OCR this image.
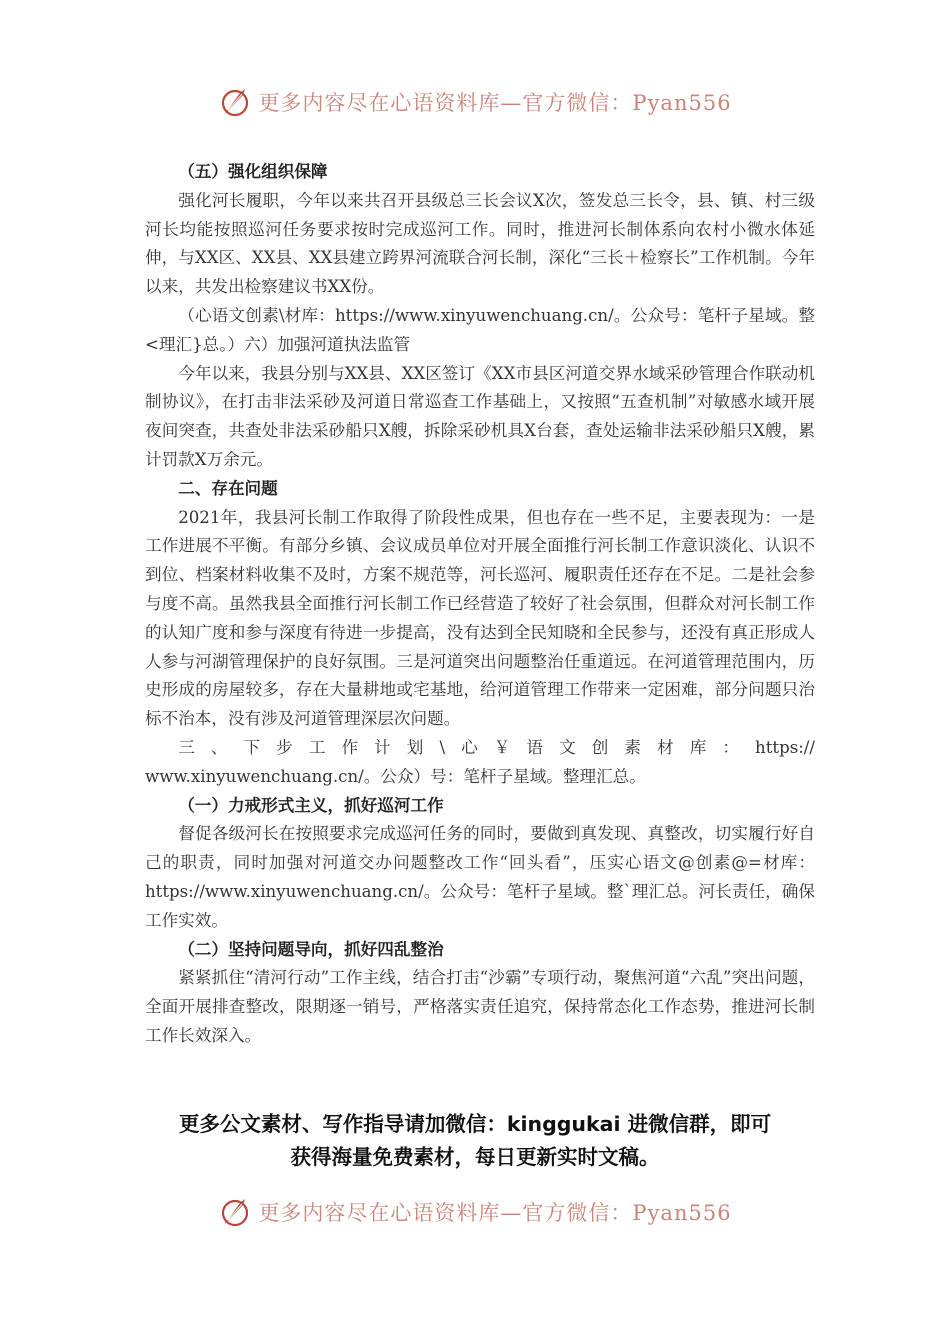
更多内容尽在心语资料库—官方微信：Pyan556

（五）强化组织保障

强化河长履职，今年以来共召开县级总三长会议X次，签发总三长令，县、镇、村三级河长均能按照巡河任务要求按时完成巡河工作。同时，推进河长制体系向农村小微水体延伸，与XX区、XX县、XX县建立跨界河流联合河长制，深化“三长＋检察长”工作机制。今年以来，共发出检察建议书XX份。

（心语文创素\材库：https://www.xinyuwenchuang.cn/。公众号：笔杆子星域。整<理汇}总。）六）加强河道执法监管

今年以来，我县分别与XX县、XX区签订《XX市县区河道交界水域采砂管理合作联动机制协议》，在打击非法采砂及河道日常巡查工作基础上，又按照“五查机制”对敏感水域开展夜间突查，共查处非法采砂船只X艘，拆除采砂机具X台套，查处运输非法采砂船只X艘，累计罚款X万余元。

二、存在问题

2021年，我县河长制工作取得了阶段性成果，但也存在一些不足，主要表现为：一是工作进展不平衡。有部分乡镇、会议成员单位对开展全面推行河长制工作意识淡化、认识不到位、档案材料收集不及时，方案不规范等，河长巡河、履职责任还存在不足。二是社会参与度不高。虽然我县全面推行河长制工作已经营造了较好了社会氛围，但群众对河长制工作的认知广度和参与深度有待进一步提高，没有达到全民知晓和全民参与，还没有真正形成人人参与河湖管理保护的良好氛围。三是河道突出问题整治任重道远。在河道管理范围内，历史形成的房屋较多，存在大量耕地或宅基地，给河道管理工作带来一定困难，部分问题只治标不治本，没有涉及河道管理深层次问题。

三、下步工作计划\心￥语文创素材库：https://

www.xinyuwenchuang.cn/。公众）号：笔杆子星域。整理汇总。

（一）力戒形式主义，抓好巡河工作

督促各级河长在按照要求完成巡河任务的同时，要做到真发现、真整改，切实履行好自己的职责，同时加强对河道交办问题整改工作“回头看”，压实心语文@创素@=材库：https://www.xinyuwenchuang.cn/。公众号：笔杆子星域。整`理汇总。河长责任，确保工作实效。

（二）坚持问题导向，抓好四乱整治

紧紧抓住“清河行动”工作主线，结合打击“沙霸”专项行动，聚焦河道“六乱”突出问题，全面开展排查整改，限期逐一销号，严格落实责任追究，保持常态化工作态势，推进河长制工作长效深入。

更多公文素材、写作指导请加微信：kinggukai 进微信群，即可
获得海量免费素材，每日更新实时文稿。
更多内容尽在心语资料库—官方微信：Pyan556
